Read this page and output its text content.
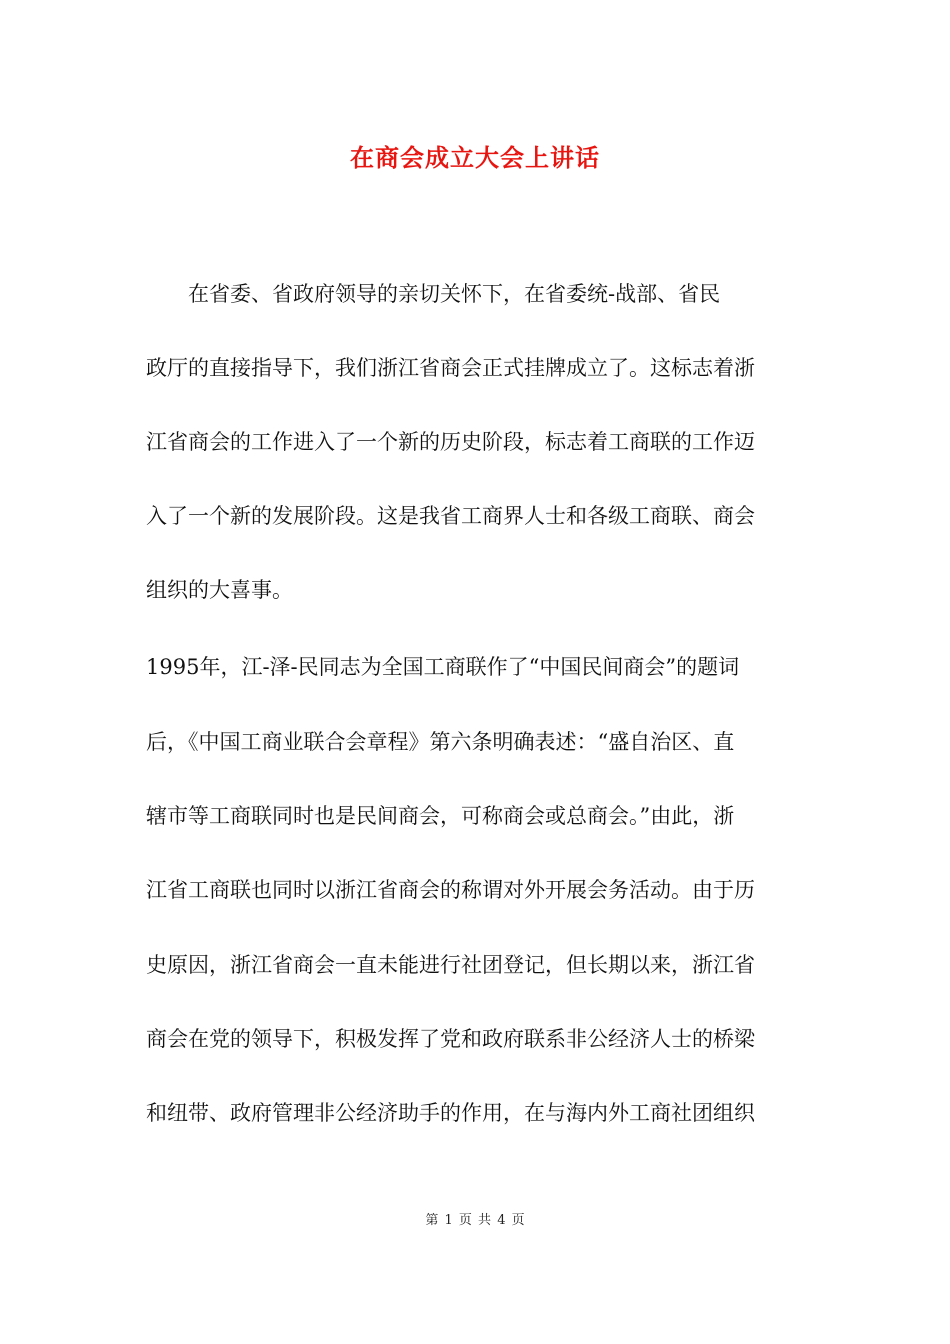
在商会成立大会上讲话
　　在省委、省政府领导的亲切关怀下，在省委统-战部、省民
政厅的直接指导下，我们浙江省商会正式挂牌成立了。这标志着浙
江省商会的工作进入了一个新的历史阶段，标志着工商联的工作迈
入了一个新的发展阶段。这是我省工商界人士和各级工商联、商会
组织的大喜事。
1995年，江-泽-民同志为全国工商联作了“中国民间商会”的题词
后，《中国工商业联合会章程》第六条明确表述：“盛自治区、直
辖市等工商联同时也是民间商会，可称商会或总商会。”由此，浙
江省工商联也同时以浙江省商会的称谓对外开展会务活动。由于历
史原因，浙江省商会一直未能进行社团登记，但长期以来，浙江省
商会在党的领导下，积极发挥了党和政府联系非公经济人士的桥梁
和纽带、政府管理非公经济助手的作用，在与海内外工商社团组织
第 1 页 共 4 页
